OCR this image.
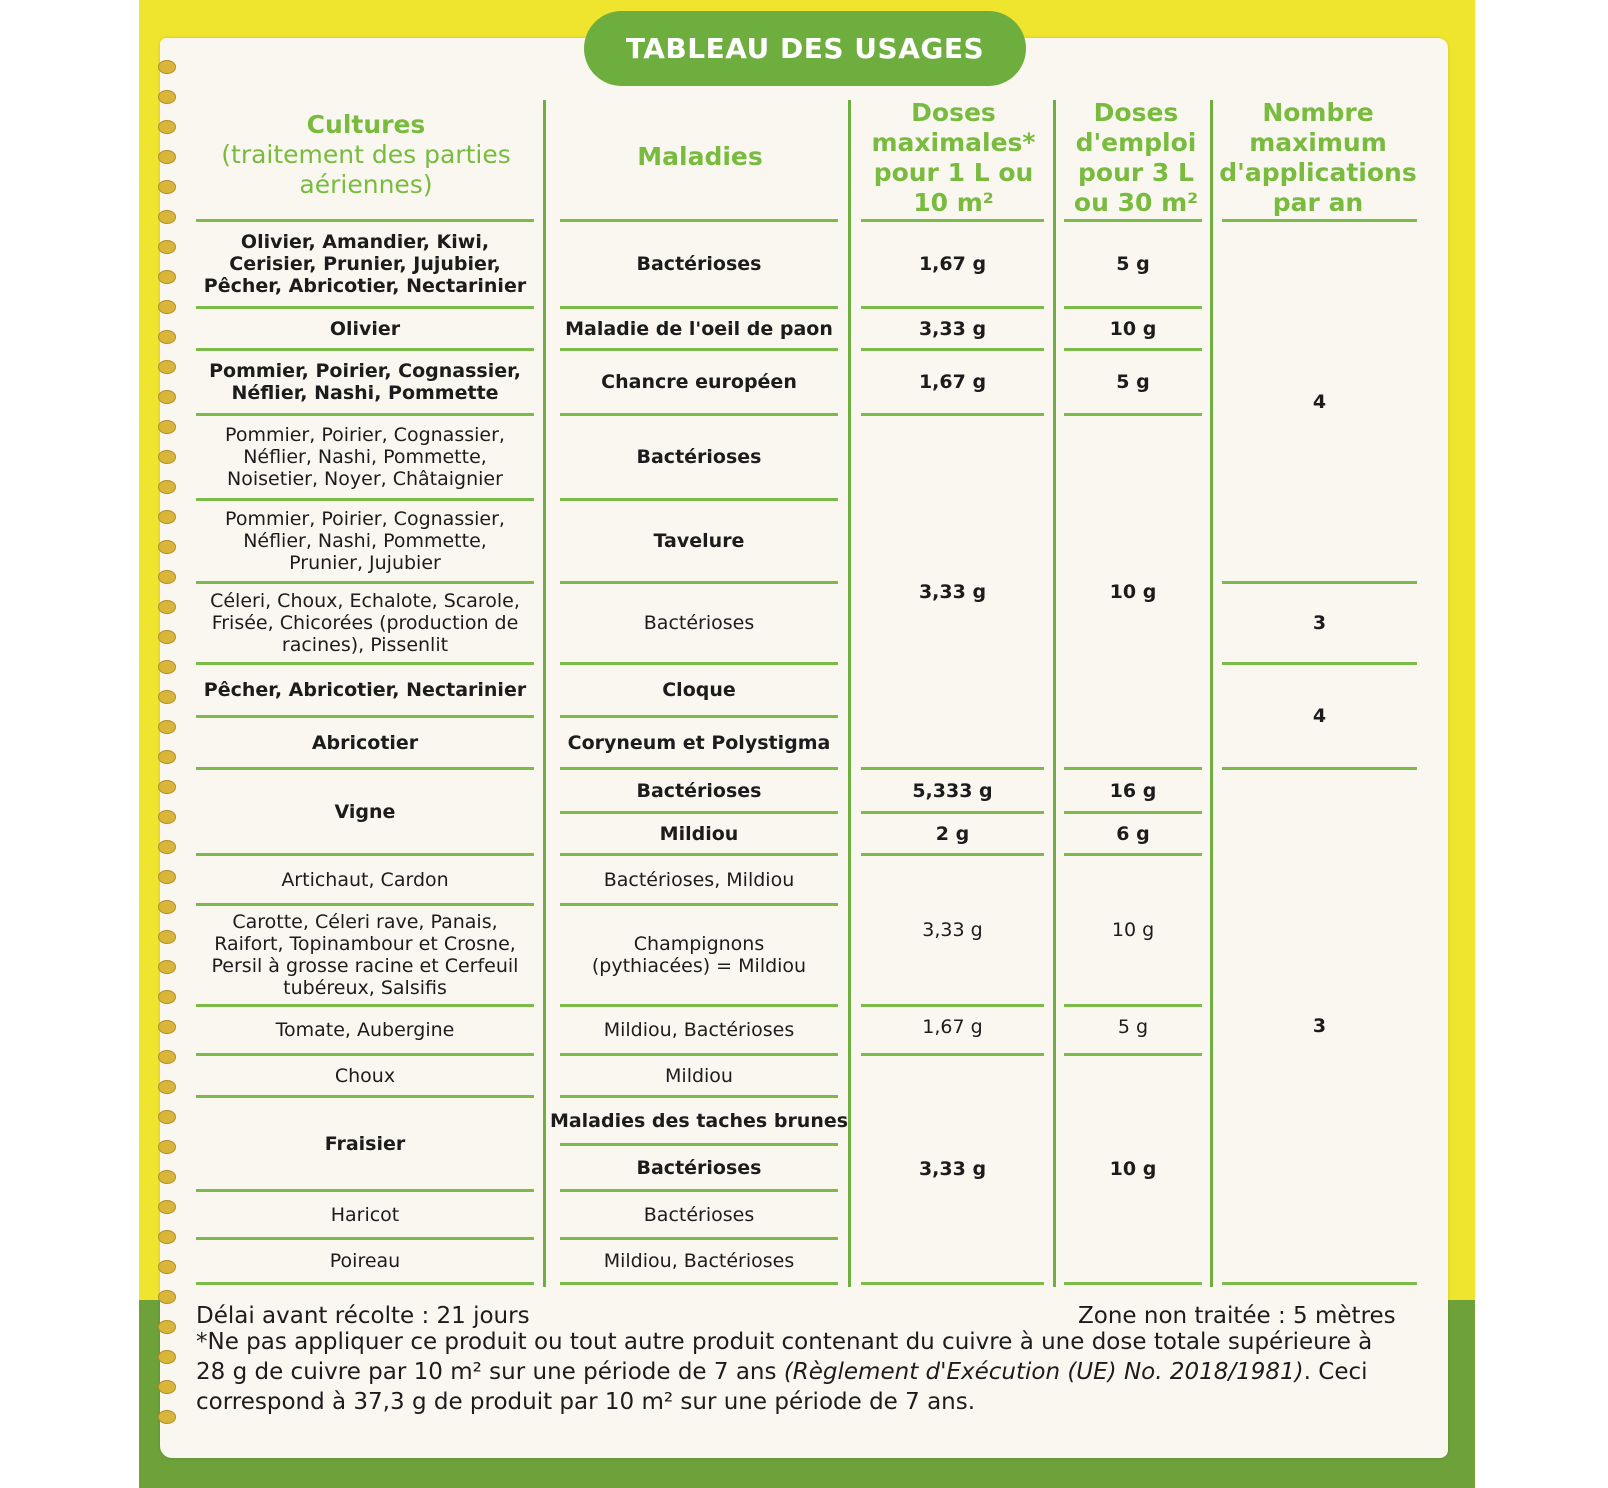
TABLEAU DES USAGES
Cultures
(traitement des parties aériennes)
Maladies
Doses maximales* pour 1 L ou 10 m²
Doses d'emploi pour 3 L ou 30 m²
Nombre maximum d'applications par an
Olivier, Amandier, Kiwi, Cerisier, Prunier, Jujubier, Pêcher, Abricotier, Nectarinier
Olivier
Pommier, Poirier, Cognassier, Néflier, Nashi, Pommette
Pommier, Poirier, Cognassier, Néflier, Nashi, Pommette, Noisetier, Noyer, Châtaignier
Pommier, Poirier, Cognassier, Néflier, Nashi, Pommette, Prunier, Jujubier
Céleri, Choux, Echalote, Scarole, Frisée, Chicorées (production de racines), Pissenlit
Pêcher, Abricotier, Nectarinier
Abricotier
Vigne
Artichaut, Cardon
Carotte, Céleri rave, Panais, Raifort, Topinambour et Crosne, Persil à grosse racine et Cerfeuil tubéreux, Salsifis
Tomate, Aubergine
Choux
Fraisier
Haricot
Poireau
Bactérioses
Maladie de l'oeil de paon
Chancre européen
Bactérioses
Tavelure
Bactérioses
Cloque
Coryneum et Polystigma
Bactérioses
Mildiou
Bactérioses, Mildiou
Champignons (pythiacées) = Mildiou
Mildiou, Bactérioses
Mildiou
Maladies des taches brunes
Bactérioses
Bactérioses
Mildiou, Bactérioses
1,67 g
3,33 g
1,67 g
3,33 g
5,333 g
2 g
3,33 g
1,67 g
3,33 g
5 g
10 g
5 g
10 g
16 g
6 g
10 g
5 g
10 g
4
3
4
3
Délai avant récolte : 21 jours	Zone non traitée : 5 mètres
*Ne pas appliquer ce produit ou tout autre produit contenant du cuivre à une dose totale supérieure à 28 g de cuivre par 10 m² sur une période de 7 ans (Règlement d'Exécution (UE) No. 2018/1981). Ceci correspond à 37,3 g de produit par 10 m² sur une période de 7 ans.
